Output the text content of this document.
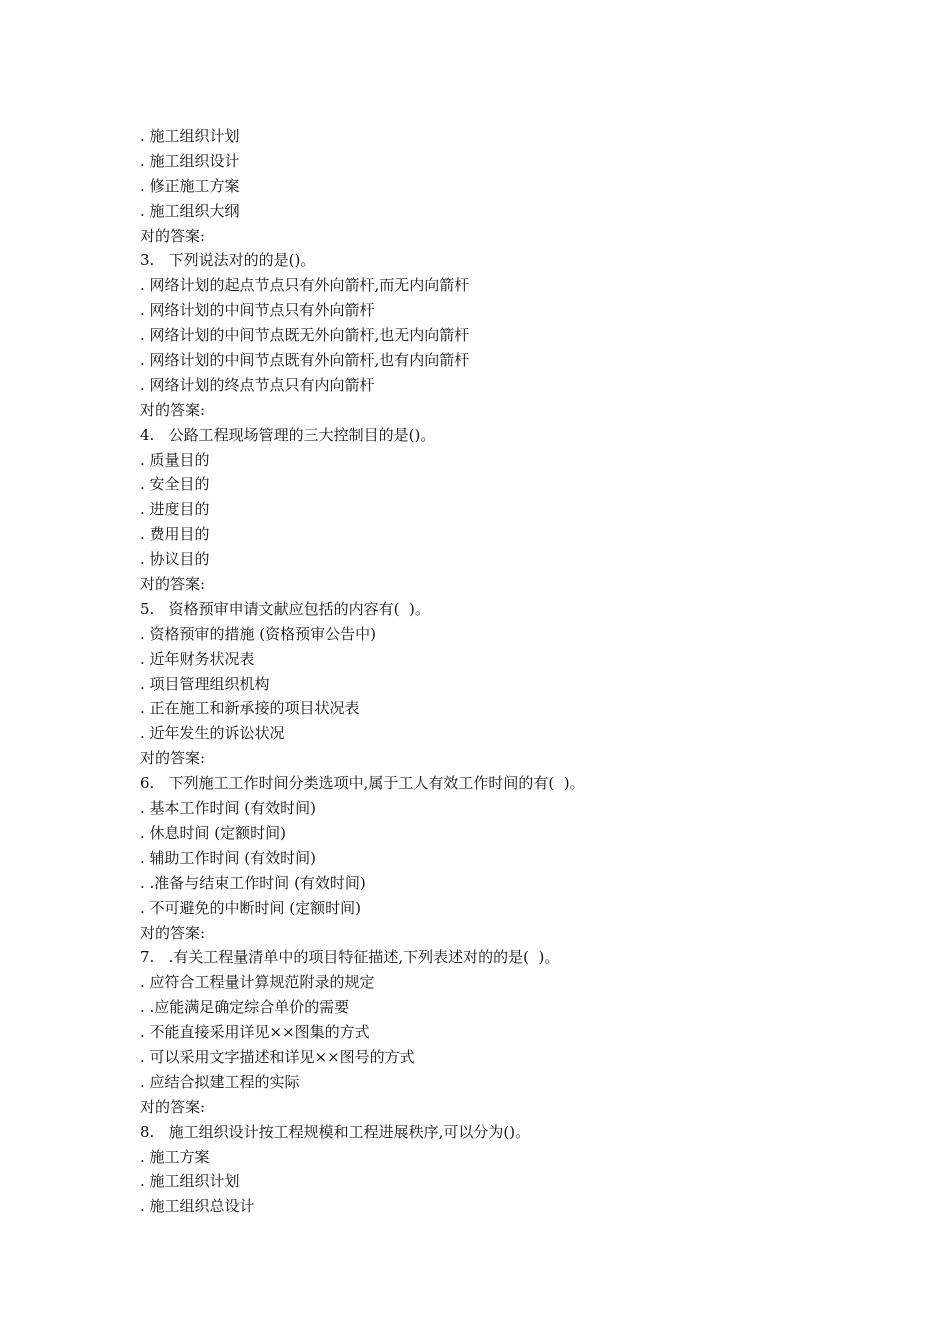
. 施工组织计划
. 施工组织设计
. 修正施工方案
. 施工组织大纲
对的答案:
3.   下列说法对的的是()。
. 网络计划的起点节点只有外向箭杆,而无内向箭杆
. 网络计划的中间节点只有外向箭杆
. 网络计划的中间节点既无外向箭杆,也无内向箭杆
. 网络计划的中间节点既有外向箭杆,也有内向箭杆
. 网络计划的终点节点只有内向箭杆
对的答案:
4.   公路工程现场管理的三大控制目的是()。
. 质量目的
. 安全目的
. 进度目的
. 费用目的
. 协议目的
对的答案:
5.   资格预审申请文献应包括的内容有(  )。
. 资格预审的措施 (资格预审公告中)
. 近年财务状况表
. 项目管理组织机构
. 正在施工和新承接的项目状况表
. 近年发生的诉讼状况
对的答案:
6.   下列施工工作时间分类选项中,属于工人有效工作时间的有(  )。
. 基本工作时间 (有效时间)
. 休息时间 (定额时间)
. 辅助工作时间 (有效时间)
. .准备与结束工作时间 (有效时间)
. 不可避免的中断时间 (定额时间)
对的答案:
7.   .有关工程量清单中的项目特征描述,下列表述对的的是(  )。
. 应符合工程量计算规范附录的规定
. .应能满足确定综合单价的需要
. 不能直接采用详见××图集的方式
. 可以采用文字描述和详见××图号的方式
. 应结合拟建工程的实际
对的答案:
8.   施工组织设计按工程规模和工程进展秩序,可以分为()。
. 施工方案
. 施工组织计划
. 施工组织总设计
